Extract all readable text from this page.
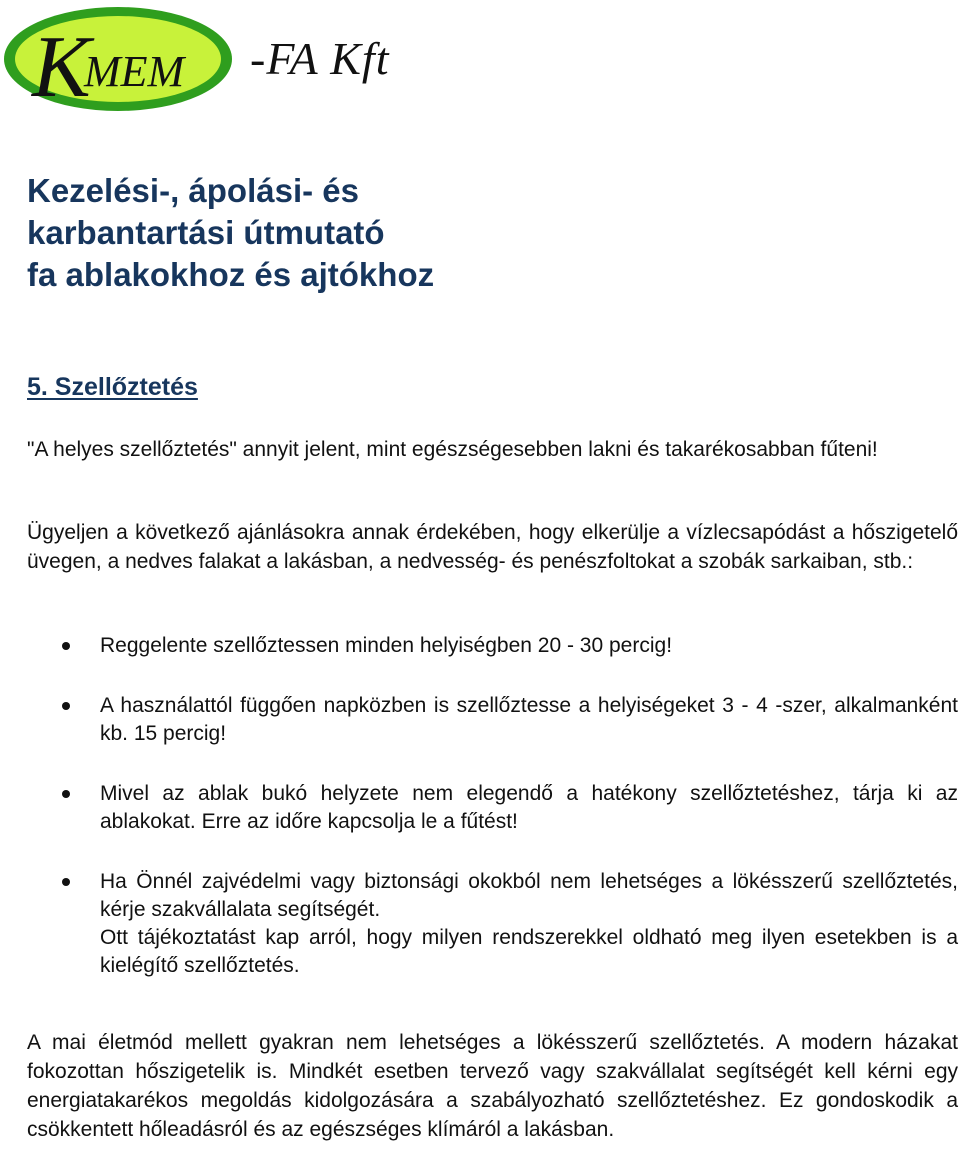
K
MEM -FA Kft
Kezelési-, ápolási- és
karbantartási útmutató
fa ablakokhoz és ajtókhoz
5. Szellőztetés

"A helyes szellőztetés" annyit jelent, mint egészségesebben lakni és takarékosabban fűteni!

Ügyeljen a következő ajánlásokra annak érdekében, hogy elkerülje a vízlecsapódást a hőszigetelő üvegen, a nedves falakat a lakásban, a nedvesség- és penészfoltokat a szobák sarkaiban, stb.:

Reggelente szellőztessen minden helyiségben 20 - 30 percig!
A használattól függően napközben is szellőztesse a helyiségeket 3 - 4 -szer, alkalmanként kb. 15 percig!
Mivel az ablak bukó helyzete nem elegendő a hatékony szellőztetéshez, tárja ki az ablakokat. Erre az időre kapcsolja le a fűtést!
Ha Önnél zajvédelmi vagy biztonsági okokból nem lehetséges a lökésszerű szellőztetés, kérje szakvállalata segítségét.
Ott tájékoztatást kap arról, hogy milyen rendszerekkel oldható meg ilyen esetekben is a kielégítő szellőztetés.

A mai életmód mellett gyakran nem lehetséges a lökésszerű szellőztetés. A modern házakat fokozottan hőszigetelik is. Mindkét esetben tervező vagy szakvállalat segítségét kell kérni egy energiatakarékos megoldás kidolgozására a szabályozható szellőztetéshez. Ez gondoskodik a csökkentett hőleadásról és az egészséges klímáról a lakásban.
